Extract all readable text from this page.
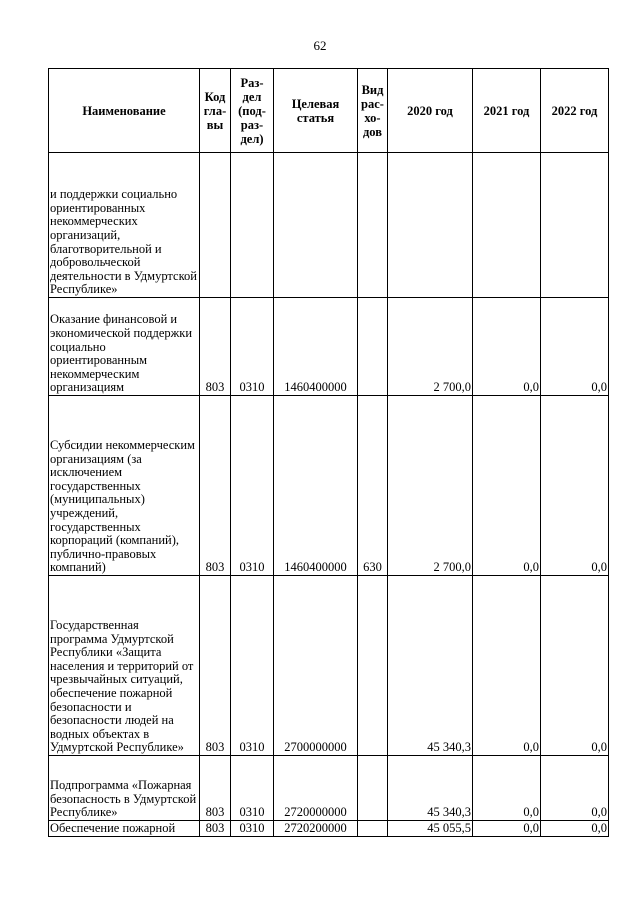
62
Наименование	Код гла- вы	Раз- дел (под- раз- дел)	Целевая статья	Вид рас- хо- дов	2020 год	2021 год	2022 год
и поддержки социально ориентированных некоммерческих организаций, благотворительной и добровольческой деятельности в Удмуртской Республике»							
Оказание финансовой и экономической поддержки социально ориентированным некоммерческим организациям	803	0310	1460400000		2 700,0	0,0	0,0
Субсидии некоммерческим организациям (за исключением государственных (муниципальных) учреждений, государственных корпораций (компаний), публично-правовых компаний)	803	0310	1460400000	630	2 700,0	0,0	0,0
Государственная программа Удмуртской Республики «Защита населения и территорий от чрезвычайных ситуаций, обеспечение пожарной безопасности и безопасности людей на водных объектах в Удмуртской Республике»	803	0310	2700000000		45 340,3	0,0	0,0
Подпрограмма «Пожарная безопасность в Удмуртской Республике»	803	0310	2720000000		45 340,3	0,0	0,0
Обеспечение пожарной	803	0310	2720200000		45 055,5	0,0	0,0
